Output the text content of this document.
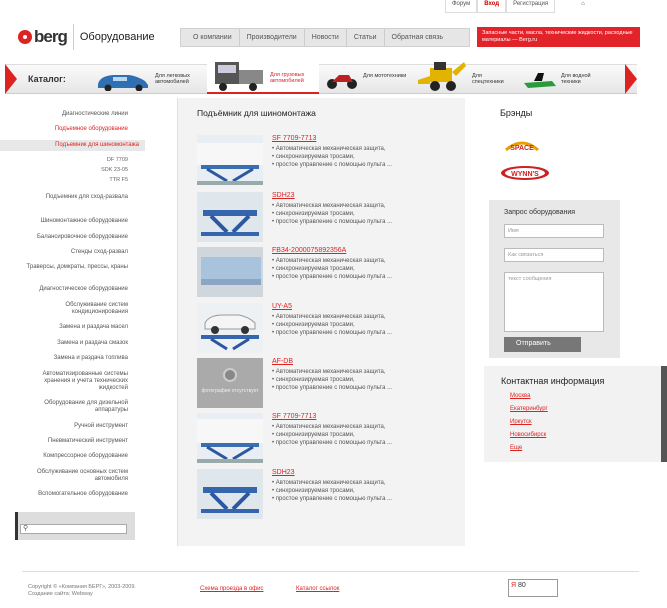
Форум	Вход	Регистрация	⌂
berg Оборудование	О компании	Производители	Новости	Статьи	Обратная связь
Запасные части, масла, технические жидкости, расходные материалы — Berg.ru
Каталог:	Для легковых автомобилей
Для грузовых автомобилей
Для мототехники	Для спецтехники
Для водной техники
Диагностические линии
Подъемное оборудование
Подъемник для шиномонтажа
DF 7709
SDK 23-05
TTR F5
Подъемник для сход-развала
Шиномонтажное оборудование
Балансировочное оборудование
Стенды сход-развал
Траверсы, домкраты, прессы, краны
Диагностическое оборудование
Обслуживание систем кондиционирования
Замена и раздача масел
Замена и раздача смазок
Замена и раздача топлива
Автоматизированные системы хранения и учета технических жидкостей
Оборудование для дизельной аппаратуры
Ручной инструмент
Пневматический инструмент
Компрессорное оборудование
Обслуживание основных систем автомобиля
Вспомогательное оборудование
⚲
Подъёмник для шиномонтажа
SF 7709-7713
• Автоматическая механическая защита,
• синхронизируемая тросами,
• простое управление с помощью пульта ...
SDH23
• Автоматическая механическая защита,
• синхронизируемая тросами,
• простое управление с помощью пульта ...
FB34-2000075892356A
• Автоматическая механическая защита,
• синхронизируемая тросами,
• простое управление с помощью пульта ...
UY-A5
• Автоматическая механическая защита,
• синхронизируемая тросами,
• простое управление с помощью пульта ...
фотография отсутствует
AF-DB
• Автоматическая механическая защита,
• синхронизируемая тросами,
• простое управление с помощью пульта ...
SF 7709-7713
• Автоматическая механическая защита,
• синхронизируемая тросами,
• простое управление с помощью пульта ...
SDH23
• Автоматическая механическая защита,
• синхронизируемая тросами,
• простое управление с помощью пульта ...
Брэнды
SPACE
WYNN'S
Запрос оборудования
Имя
Как связаться
текст сообщения
Отправить
Контактная информация
Москва
Екатеринбург
Иркутск
Новосибирск
Еще
Copyright © «Компания БЕРГ», 2003-2009.
Создание сайта: Webway
Схема проезда в офис	Каталог ссылок	Я 80
